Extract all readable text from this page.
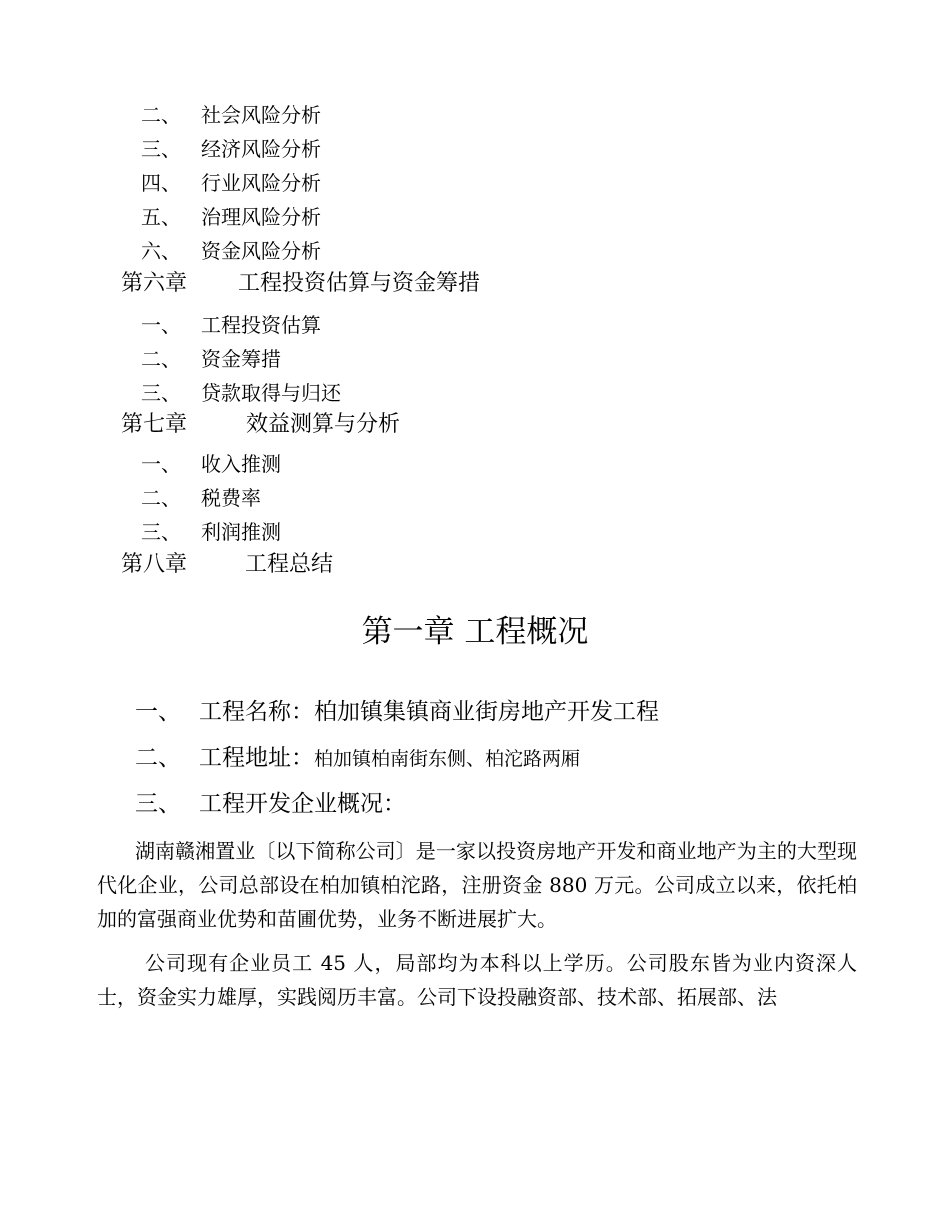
二、 社会风险分析
三、 经济风险分析
四、 行业风险分析
五、 治理风险分析
六、 资金风险分析
第六章 工程投资估算与资金筹措
一、 工程投资估算
二、 资金筹措
三、 贷款取得与归还
第七章	效益测算与分析
一、 收入推测
二、 税费率
三、 利润推测
第八章	工程总结
第一章 工程概况
一、 工程名称：柏加镇集镇商业街房地产开发工程
二、 工程地址：柏加镇柏南街东侧、柏沱路两厢
三、 工程开发企业概况：

湖南赣湘置业〔以下简称公司〕是一家以投资房地产开发和商业地产为主的大型现代化企业，公司总部设在柏加镇柏沱路，注册资金 880 万元。公司成立以来，依托柏加的富强商业优势和苗圃优势，业务不断进展扩大。

公司现有企业员工 45 人，局部均为本科以上学历。公司股东皆为业内资深人士，资金实力雄厚，实践阅历丰富。公司下设投融资部、技术部、拓展部、法
